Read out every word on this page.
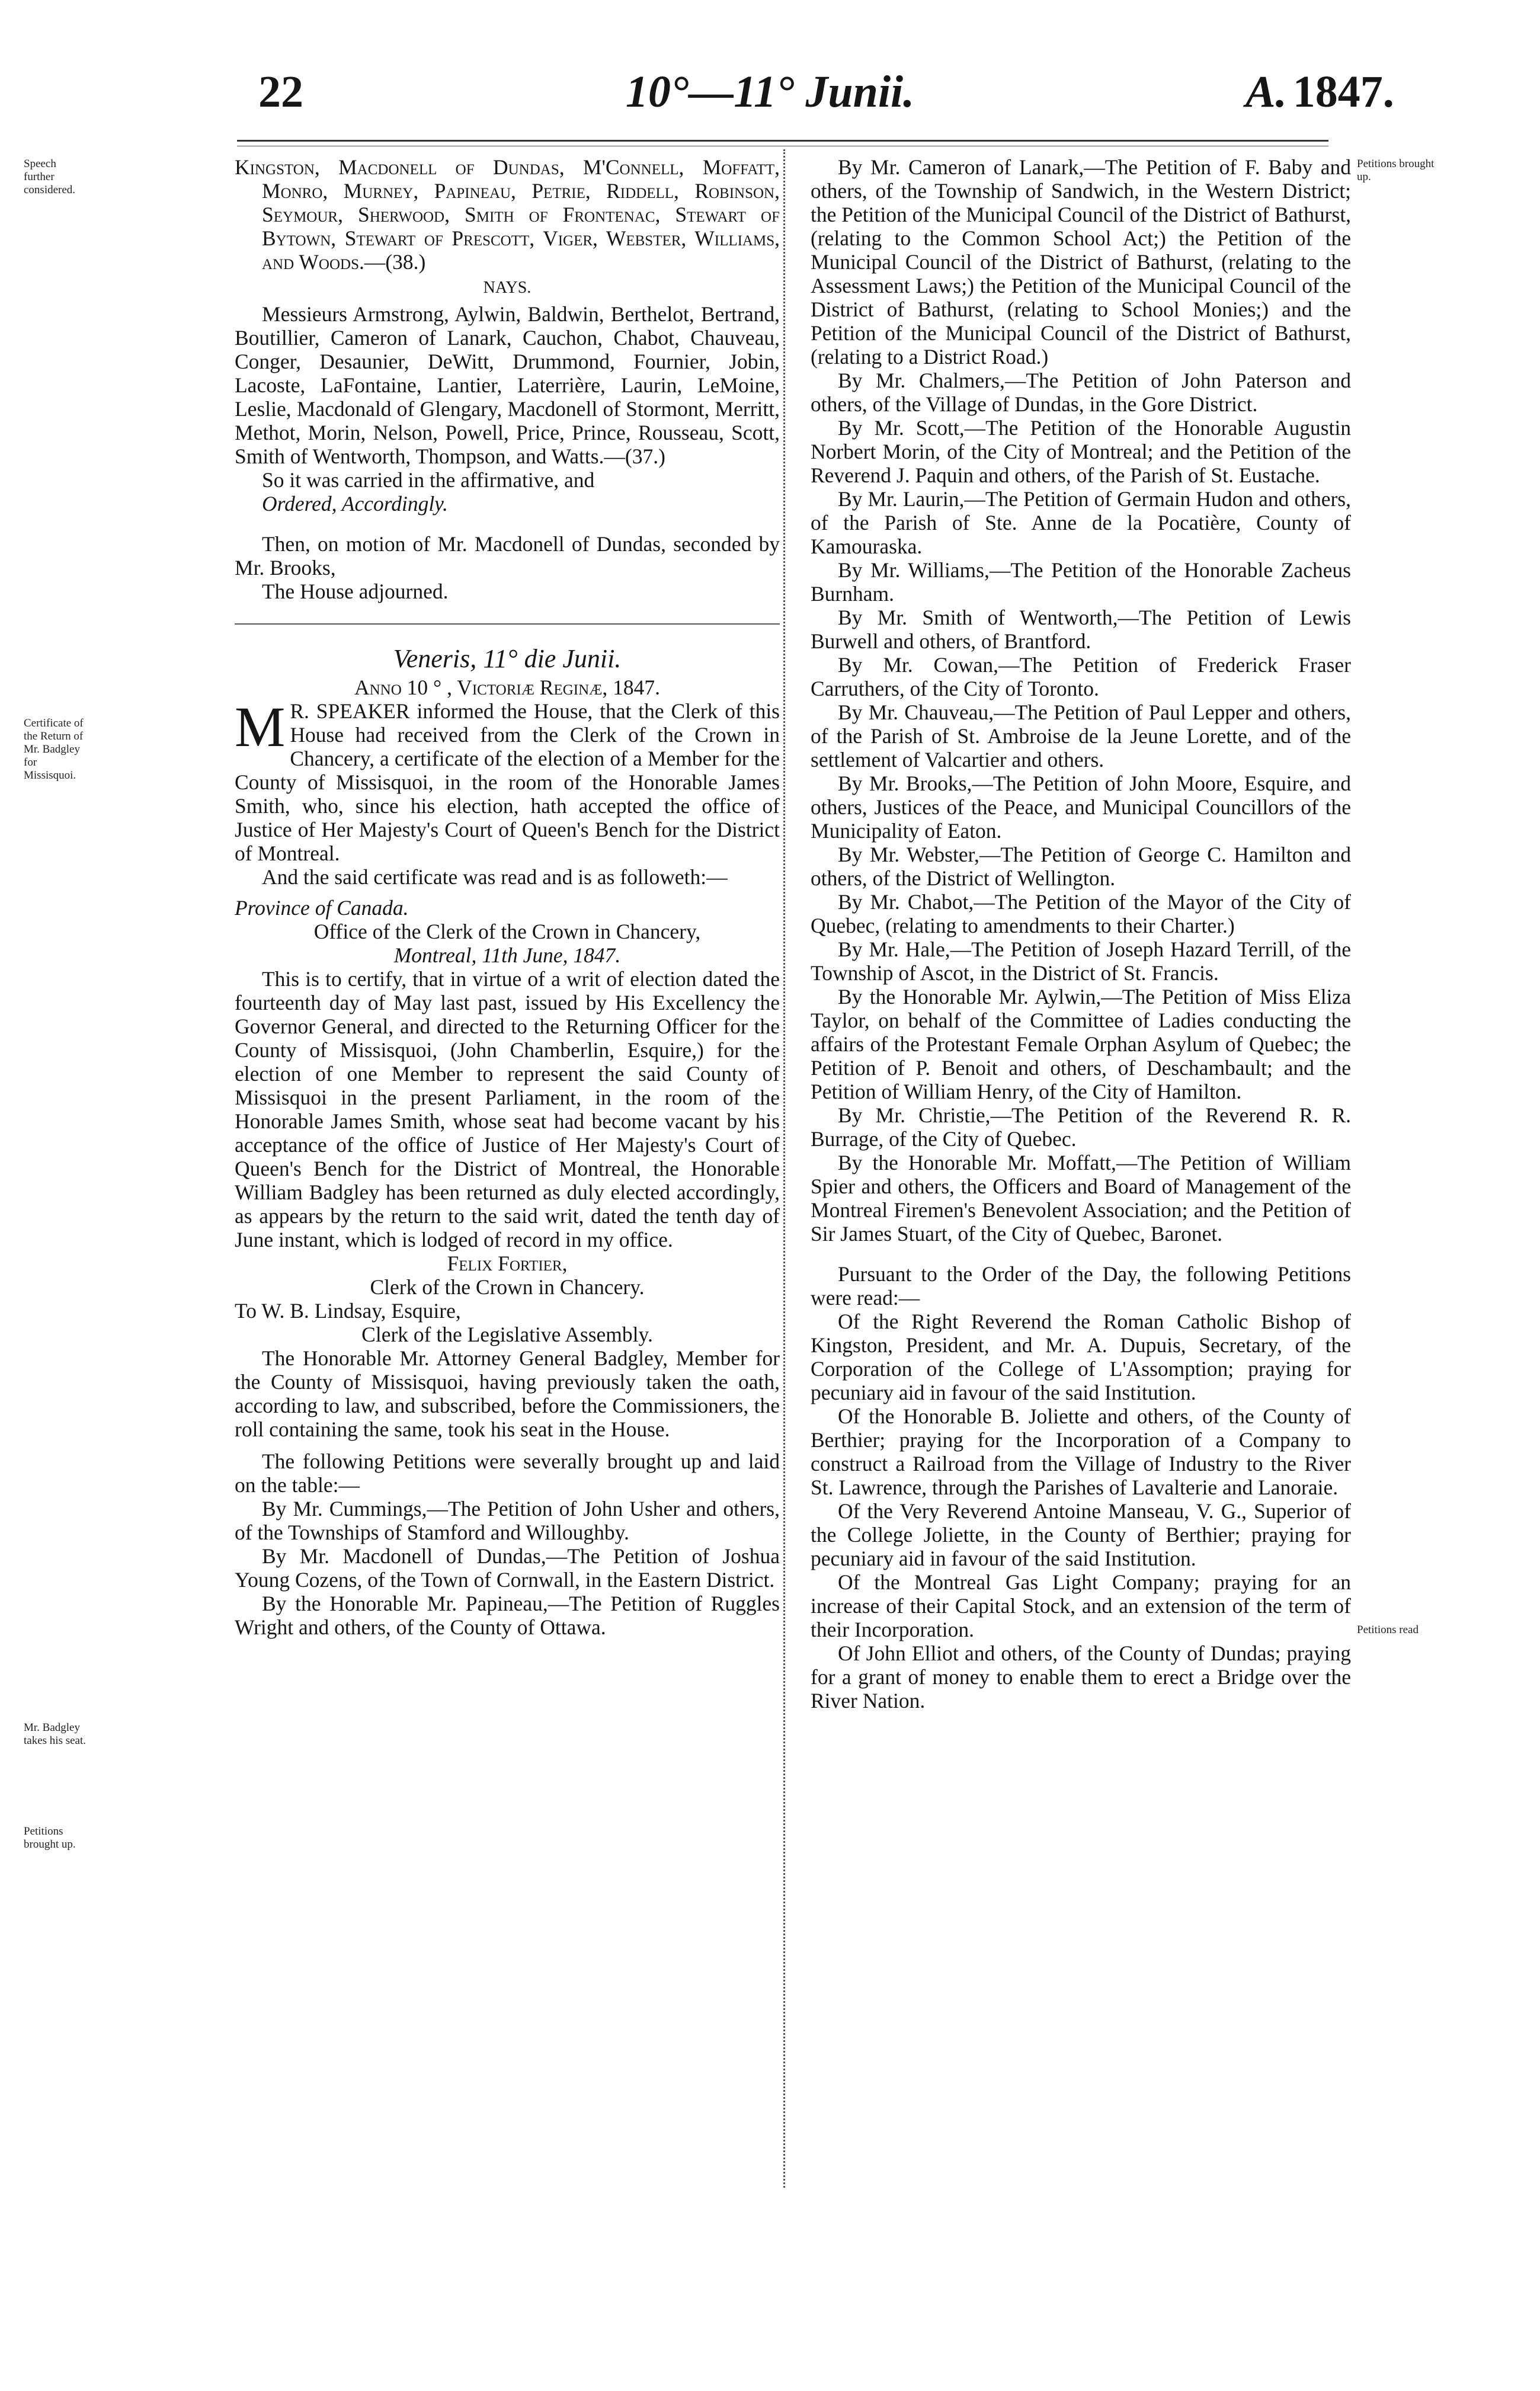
22	10°—11° Junii.	A. 1847.
Speech further considered.
Certificate of the Return of Mr. Badgley for Missisquoi.
Mr. Badgley takes his seat.
Petitions brought up.
Petitions brought up.
Petitions read

Kingston, Macdonell of Dundas, M'Connell, Moffatt, Monro, Murney, Papineau, Petrie, Riddell, Robinson, Seymour, Sherwood, Smith of Frontenac, Stewart of Bytown, Stewart of Prescott, Viger, Webster, Williams, and Woods.—(38.)

NAYS.

Messieurs Armstrong, Aylwin, Baldwin, Berthelot, Bertrand, Boutillier, Cameron of Lanark, Cauchon, Chabot, Chauveau, Conger, Desaunier, DeWitt, Drummond, Fournier, Jobin, Lacoste, LaFontaine, Lantier, Laterrière, Laurin, LeMoine, Leslie, Macdonald of Glengary, Macdonell of Stormont, Merritt, Methot, Morin, Nelson, Powell, Price, Prince, Rousseau, Scott, Smith of Wentworth, Thompson, and Watts.—(37.)

So it was carried in the affirmative, and

Ordered, Accordingly.

Then, on motion of Mr. Macdonell of Dundas, seconded by Mr. Brooks,

The House adjourned.

Veneris, 11° die Junii.

Anno 10 ° , Victoriæ Reginæ, 1847.

M R. SPEAKER informed the House, that the Clerk of this House had received from the Clerk of the Crown in Chancery, a certificate of the election of a Member for the County of Missisquoi, in the room of the Honorable James Smith, who, since his election, hath accepted the office of Justice of Her Majesty's Court of Queen's Bench for the District of Montreal.

And the said certificate was read and is as followeth:—

Province of Canada.

Office of the Clerk of the Crown in Chancery,

Montreal, 11th June, 1847.

This is to certify, that in virtue of a writ of election dated the fourteenth day of May last past, issued by His Excellency the Governor General, and directed to the Returning Officer for the County of Missisquoi, (John Chamberlin, Esquire,) for the election of one Member to represent the said County of Missisquoi in the present Parliament, in the room of the Honorable James Smith, whose seat had become vacant by his acceptance of the office of Justice of Her Majesty's Court of Queen's Bench for the District of Montreal, the Honorable William Badgley has been returned as duly elected accordingly, as appears by the return to the said writ, dated the tenth day of June instant, which is lodged of record in my office.

Felix Fortier,

Clerk of the Crown in Chancery.

To W. B. Lindsay, Esquire,

Clerk of the Legislative Assembly.

The Honorable Mr. Attorney General Badgley, Member for the County of Missisquoi, having previously taken the oath, according to law, and subscribed, before the Commissioners, the roll containing the same, took his seat in the House.

The following Petitions were severally brought up and laid on the table:—

By Mr. Cummings,—The Petition of John Usher and others, of the Townships of Stamford and Willoughby.

By Mr. Macdonell of Dundas,—The Petition of Joshua Young Cozens, of the Town of Cornwall, in the Eastern District.

By the Honorable Mr. Papineau,—The Petition of Ruggles Wright and others, of the County of Ottawa.

By Mr. Cameron of Lanark,—The Petition of F. Baby and others, of the Township of Sandwich, in the Western District; the Petition of the Municipal Council of the District of Bathurst, (relating to the Common School Act;) the Petition of the Municipal Council of the District of Bathurst, (relating to the Assessment Laws;) the Petition of the Municipal Council of the District of Bathurst, (relating to School Monies;) and the Petition of the Municipal Council of the District of Bathurst, (relating to a District Road.)

By Mr. Chalmers,—The Petition of John Paterson and others, of the Village of Dundas, in the Gore District.

By Mr. Scott,—The Petition of the Honorable Augustin Norbert Morin, of the City of Montreal; and the Petition of the Reverend J. Paquin and others, of the Parish of St. Eustache.

By Mr. Laurin,—The Petition of Germain Hudon and others, of the Parish of Ste. Anne de la Pocatière, County of Kamouraska.

By Mr. Williams,—The Petition of the Honorable Zacheus Burnham.

By Mr. Smith of Wentworth,—The Petition of Lewis Burwell and others, of Brantford.

By Mr. Cowan,—The Petition of Frederick Fraser Carruthers, of the City of Toronto.

By Mr. Chauveau,—The Petition of Paul Lepper and others, of the Parish of St. Ambroise de la Jeune Lorette, and of the settlement of Valcartier and others.

By Mr. Brooks,—The Petition of John Moore, Esquire, and others, Justices of the Peace, and Municipal Councillors of the Municipality of Eaton.

By Mr. Webster,—The Petition of George C. Hamilton and others, of the District of Wellington.

By Mr. Chabot,—The Petition of the Mayor of the City of Quebec, (relating to amendments to their Charter.)

By Mr. Hale,—The Petition of Joseph Hazard Terrill, of the Township of Ascot, in the District of St. Francis.

By the Honorable Mr. Aylwin,—The Petition of Miss Eliza Taylor, on behalf of the Committee of Ladies conducting the affairs of the Protestant Female Orphan Asylum of Quebec; the Petition of P. Benoit and others, of Deschambault; and the Petition of William Henry, of the City of Hamilton.

By Mr. Christie,—The Petition of the Reverend R. R. Burrage, of the City of Quebec.

By the Honorable Mr. Moffatt,—The Petition of William Spier and others, the Officers and Board of Management of the Montreal Firemen's Benevolent Association; and the Petition of Sir James Stuart, of the City of Quebec, Baronet.

Pursuant to the Order of the Day, the following Petitions were read:—

Of the Right Reverend the Roman Catholic Bishop of Kingston, President, and Mr. A. Dupuis, Secretary, of the Corporation of the College of L'Assomption; praying for pecuniary aid in favour of the said Institution.

Of the Honorable B. Joliette and others, of the County of Berthier; praying for the Incorporation of a Company to construct a Railroad from the Village of Industry to the River St. Lawrence, through the Parishes of Lavalterie and Lanoraie.

Of the Very Reverend Antoine Manseau, V. G., Superior of the College Joliette, in the County of Berthier; praying for pecuniary aid in favour of the said Institution.

Of the Montreal Gas Light Company; praying for an increase of their Capital Stock, and an extension of the term of their Incorporation.

Of John Elliot and others, of the County of Dundas; praying for a grant of money to enable them to erect a Bridge over the River Nation.
